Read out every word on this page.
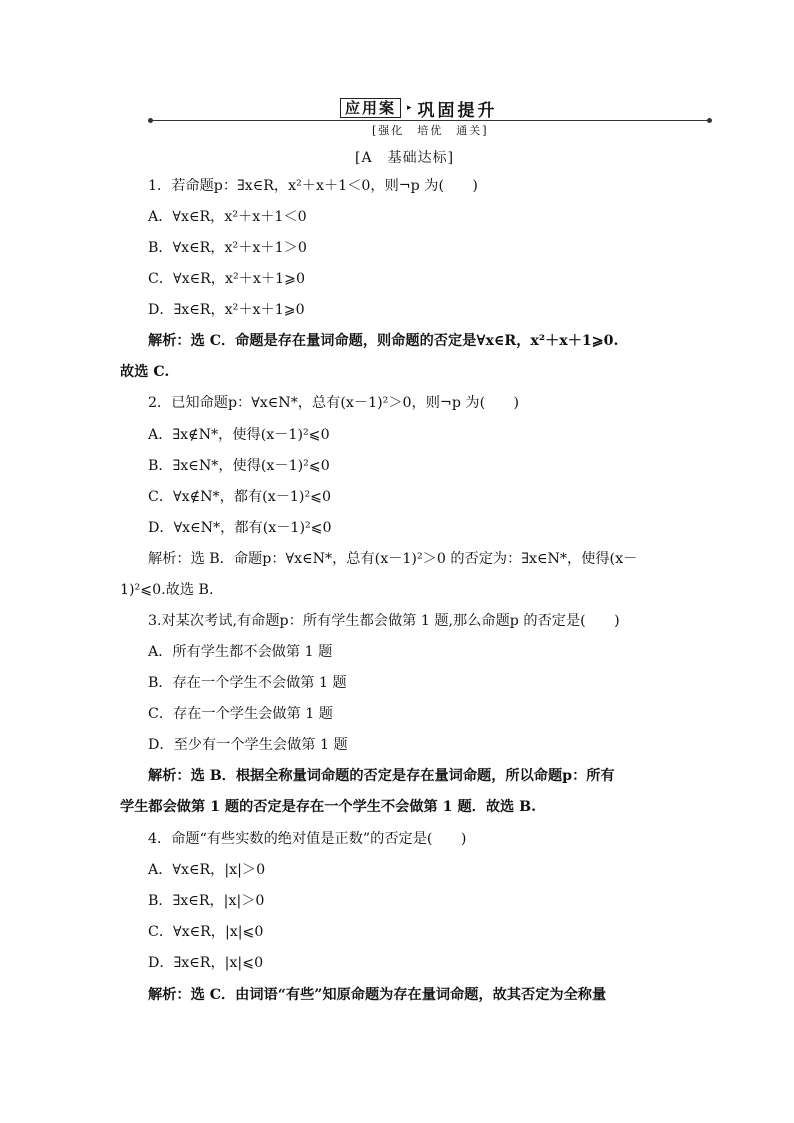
应用案	▸ 巩固提升
[强化　培优　通关]
[A　基础达标]
1．若命题p：∃x∈R，x²＋x＋1＜0，则¬p 为(　　)
A．∀x∈R，x²＋x＋1＜0
B．∀x∈R，x²＋x＋1＞0
C．∀x∈R，x²＋x＋1⩾0
D．∃x∈R，x²＋x＋1⩾0
解析：选 C．命题是存在量词命题，则命题的否定是∀x∈R，x²＋x＋1⩾0.
故选 C.
2．已知命题p：∀x∈N*，总有(x－1)²＞0，则¬p 为(　　)
A．∃x∉N*，使得(x－1)²⩽0
B．∃x∈N*，使得(x－1)²⩽0
C．∀x∉N*，都有(x－1)²⩽0
D．∀x∈N*，都有(x－1)²⩽0
解析：选 B．命题p：∀x∈N*，总有(x－1)²＞0 的否定为：∃x∈N*，使得(x－
1)²⩽0.故选 B.
3.对某次考试,有命题p：所有学生都会做第 1 题,那么命题p 的否定是(　　)
A．所有学生都不会做第 1 题
B．存在一个学生不会做第 1 题
C．存在一个学生会做第 1 题
D．至少有一个学生会做第 1 题
解析：选 B．根据全称量词命题的否定是存在量词命题，所以命题p：所有
学生都会做第 1 题的否定是存在一个学生不会做第 1 题．故选 B.
4．命题“有些实数的绝对值是正数”的否定是(　　)
A．∀x∈R，|x|＞0
B．∃x∈R，|x|＞0
C．∀x∈R，|x|⩽0
D．∃x∈R，|x|⩽0
解析：选 C．由词语“有些”知原命题为存在量词命题，故其否定为全称量
